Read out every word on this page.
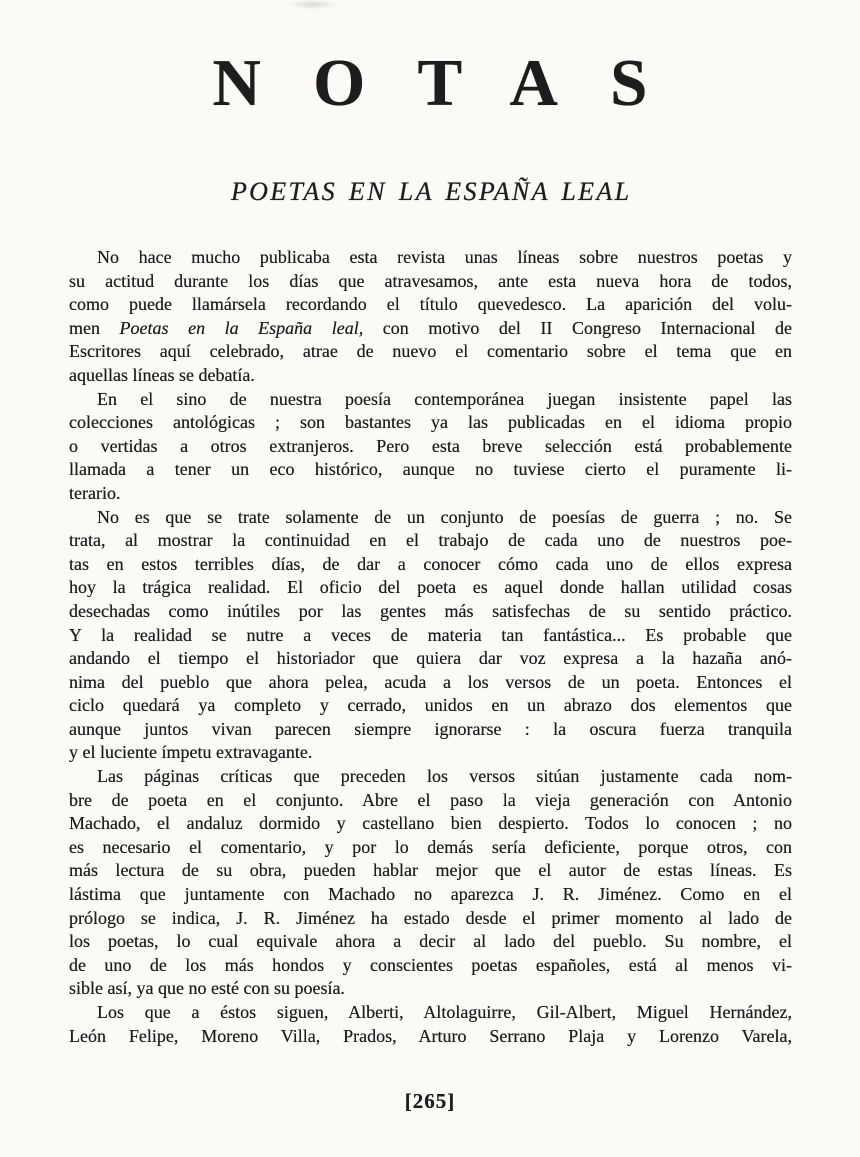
NOTAS
POETAS EN LA ESPAÑA LEAL
No hace mucho publicaba esta revista unas líneas sobre nuestros poetas y
su actitud durante los días que atravesamos, ante esta nueva hora de todos,
como puede llamársela recordando el título quevedesco. La aparición del volu-
men Poetas en la España leal, con motivo del II Congreso Internacional de
Escritores aquí celebrado, atrae de nuevo el comentario sobre el tema que en
aquellas líneas se debatía.
En el sino de nuestra poesía contemporánea juegan insistente papel las
colecciones antológicas ; son bastantes ya las publicadas en el idioma propio
o vertidas a otros extranjeros. Pero esta breve selección está probablemente
llamada a tener un eco histórico, aunque no tuviese cierto el puramente li-
terario.
No es que se trate solamente de un conjunto de poesías de guerra ; no. Se
trata, al mostrar la continuidad en el trabajo de cada uno de nuestros poe-
tas en estos terribles días, de dar a conocer cómo cada uno de ellos expresa
hoy la trágica realidad. El oficio del poeta es aquel donde hallan utilidad cosas
desechadas como inútiles por las gentes más satisfechas de su sentido práctico.
Y la realidad se nutre a veces de materia tan fantástica... Es probable que
andando el tiempo el historiador que quiera dar voz expresa a la hazaña anó-
nima del pueblo que ahora pelea, acuda a los versos de un poeta. Entonces el
ciclo quedará ya completo y cerrado, unidos en un abrazo dos elementos que
aunque juntos vivan parecen siempre ignorarse : la oscura fuerza tranquila
y el luciente ímpetu extravagante.
Las páginas críticas que preceden los versos sitúan justamente cada nom-
bre de poeta en el conjunto. Abre el paso la vieja generación con Antonio
Machado, el andaluz dormido y castellano bien despierto. Todos lo conocen ; no
es necesario el comentario, y por lo demás sería deficiente, porque otros, con
más lectura de su obra, pueden hablar mejor que el autor de estas líneas. Es
lástima que juntamente con Machado no aparezca J. R. Jiménez. Como en el
prólogo se indica, J. R. Jiménez ha estado desde el primer momento al lado de
los poetas, lo cual equivale ahora a decir al lado del pueblo. Su nombre, el
de uno de los más hondos y conscientes poetas españoles, está al menos vi-
sible así, ya que no esté con su poesía.
Los que a éstos siguen, Alberti, Altolaguirre, Gil-Albert, Miguel Hernández,
León Felipe, Moreno Villa, Prados, Arturo Serrano Plaja y Lorenzo Varela,
[265]
